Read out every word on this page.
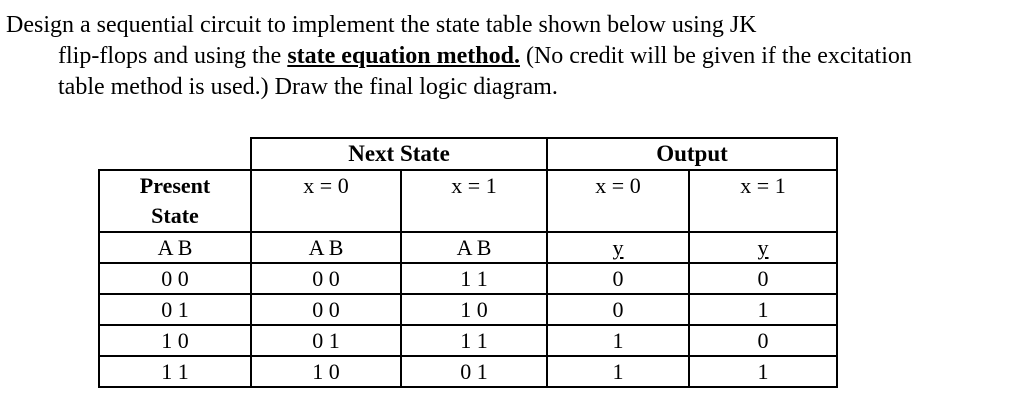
Design a sequential circuit to implement the state table shown below using JK
flip-flops and using the state equation method. (No credit will be given if the excitation
table method is used.) Draw the final logic diagram.
	Next State		Output	

Present
State	x = 0	x = 1	x = 0	x = 1
A B	A B	A B	y	y
0 0	0 0	1 1	0	0
0 1	0 0	1 0	0	1
1 0	0 1	1 1	1	0
1 1	1 0	0 1	1	1
